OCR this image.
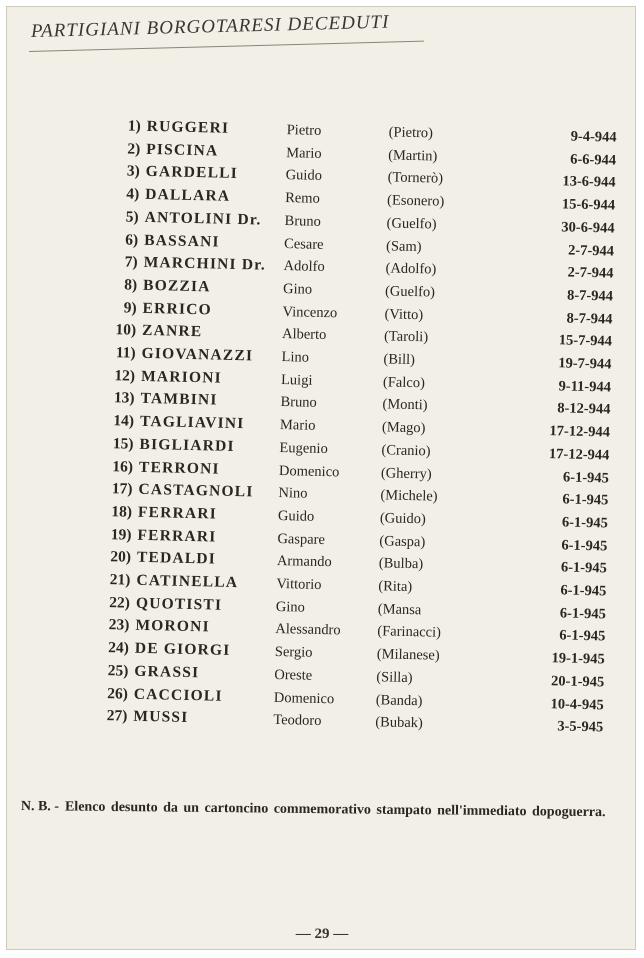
PARTIGIANI BORGOTARESI DECEDUTI
1) RUGGERI	Pietro	(Pietro)	9-4-944
2) PISCINA	Mario	(Martin)	6-6-944
3) GARDELLI	Guido	(Tornerò)	13-6-944
4) DALLARA	Remo	(Esonero)	15-6-944
5) ANTOLINI Dr. Bruno	(Guelfo)	30-6-944
6) BASSANI	Cesare	(Sam)	2-7-944
7) MARCHINI Dr. Adolfo	(Adolfo)	2-7-944
8) BOZZIA	Gino	(Guelfo)	8-7-944
9) ERRICO	Vincenzo	(Vitto)	8-7-944
10) ZANRE	Alberto	(Taroli)	15-7-944
11) GIOVANAZZI Lino	(Bill)	19-7-944
12) MARIONI	Luigi	(Falco)	9-11-944
13) TAMBINI	Bruno	(Monti)	8-12-944
14) TAGLIAVINI Mario	(Mago)	17-12-944
15) BIGLIARDI	Eugenio	(Cranio)	17-12-944
16) TERRONI	Domenico	(Gherry)	6-1-945
17) CASTAGNOLI Nino	(Michele)	6-1-945
18) FERRARI	Guido	(Guido)	6-1-945
19) FERRARI	Gaspare	(Gaspa)	6-1-945
20) TEDALDI	Armando	(Bulba)	6-1-945
21) CATINELLA	Vittorio	(Rita)	6-1-945
22) QUOTISTI	Gino	(Mansa	6-1-945
23) MORONI	Alessandro	(Farinacci)	6-1-945
24) DE GIORGI	Sergio	(Milanese)	19-1-945
25) GRASSI	Oreste	(Silla)	20-1-945
26) CACCIOLI	Domenico	(Banda)	10-4-945
27) MUSSI	Teodoro	(Bubak)	3-5-945
N. B. - Elenco desunto da un cartoncino commemorativo stampato nell'immediato dopoguerra.
— 29 —
